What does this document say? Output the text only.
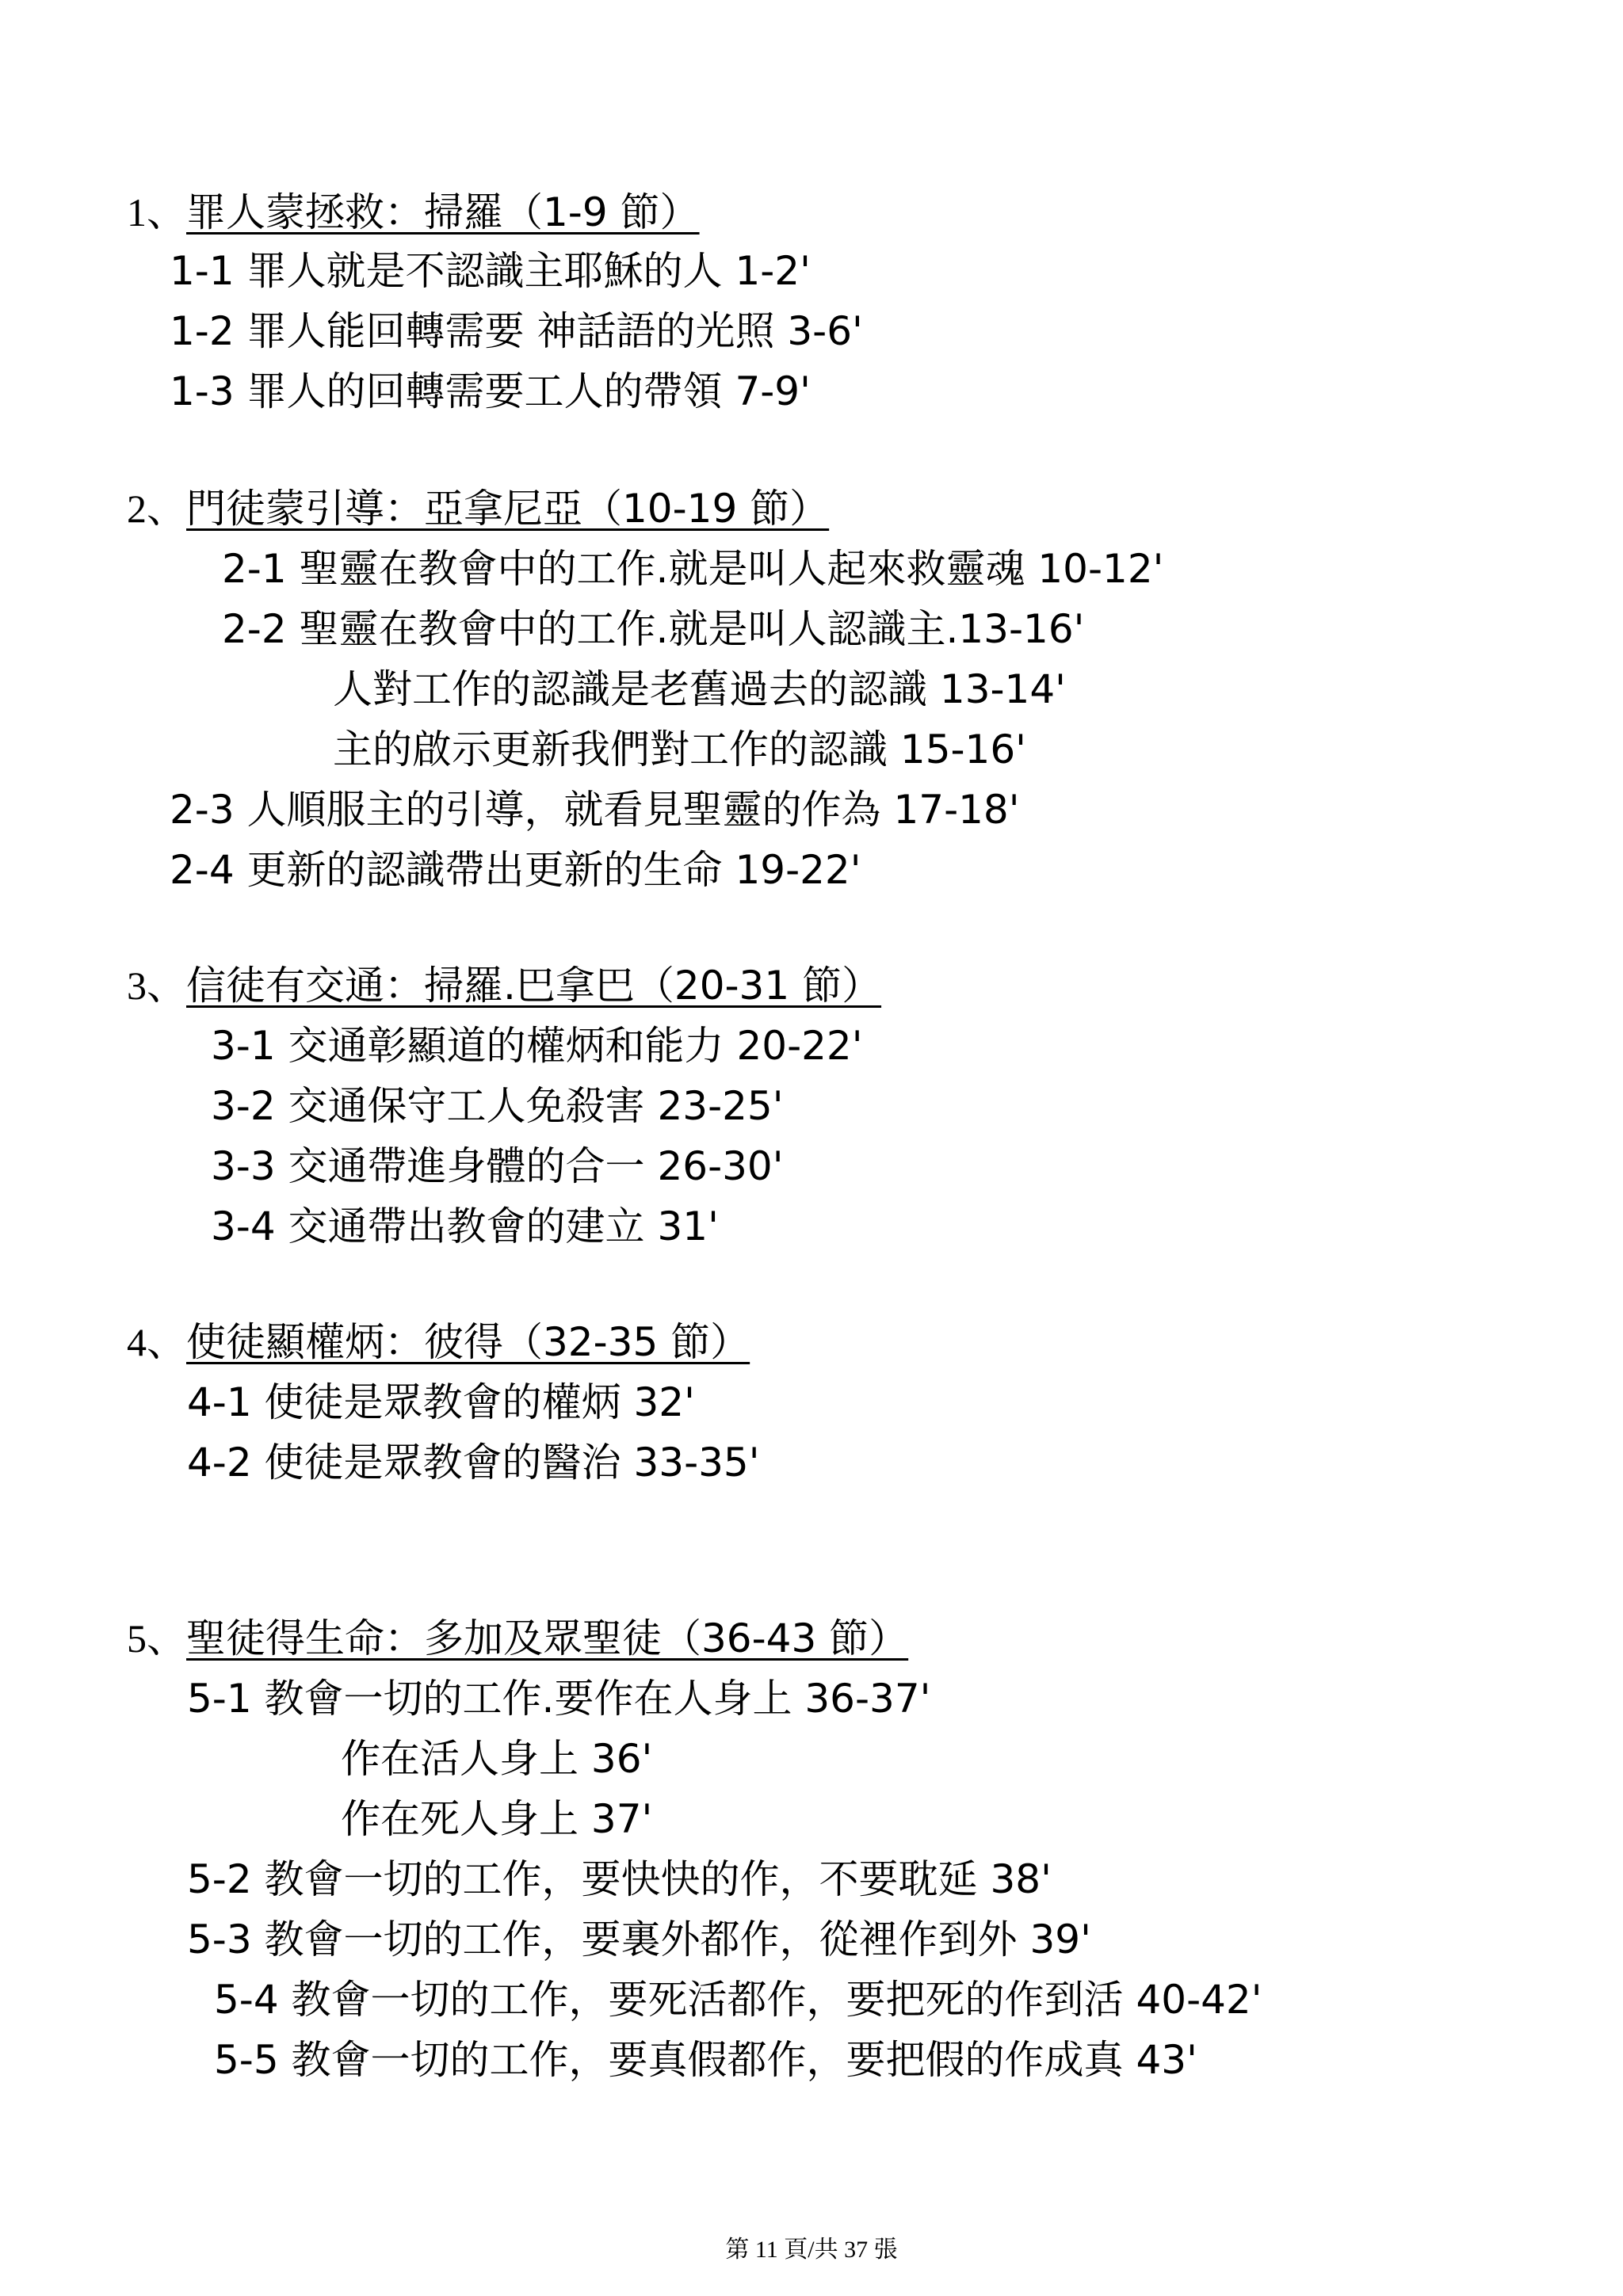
1、罪人蒙拯救：掃羅（1-9 節）
1-1 罪人就是不認識主耶穌的人 1-2'
1-2 罪人能回轉需要 神話語的光照 3-6'
1-3 罪人的回轉需要工人的帶領 7-9'
2、門徒蒙引導：亞拿尼亞（10-19 節）
2-1 聖靈在教會中的工作.就是叫人起來救靈魂 10-12'
2-2 聖靈在教會中的工作.就是叫人認識主.13-16'
人對工作的認識是老舊過去的認識 13-14'
主的啟示更新我們對工作的認識 15-16'
2-3 人順服主的引導，就看見聖靈的作為 17-18'
2-4 更新的認識帶出更新的生命 19-22'
3、信徒有交通：掃羅.巴拿巴（20-31 節）
3-1 交通彰顯道的權炳和能力 20-22'
3-2 交通保守工人免殺害 23-25'
3-3 交通帶進身體的合一 26-30'
3-4 交通帶出教會的建立 31'
4、使徒顯權炳：彼得（32-35 節）
4-1 使徒是眾教會的權炳 32'
4-2 使徒是眾教會的醫治 33-35'
5、聖徒得生命：多加及眾聖徒（36-43 節）
5-1 教會一切的工作.要作在人身上 36-37'
作在活人身上 36'
作在死人身上 37'
5-2 教會一切的工作，要快快的作，不要耽延 38'
5-3 教會一切的工作，要裏外都作，從裡作到外 39'
5-4 教會一切的工作，要死活都作，要把死的作到活 40-42'
5-5 教會一切的工作，要真假都作，要把假的作成真 43'
第 11 頁/共 37 張
